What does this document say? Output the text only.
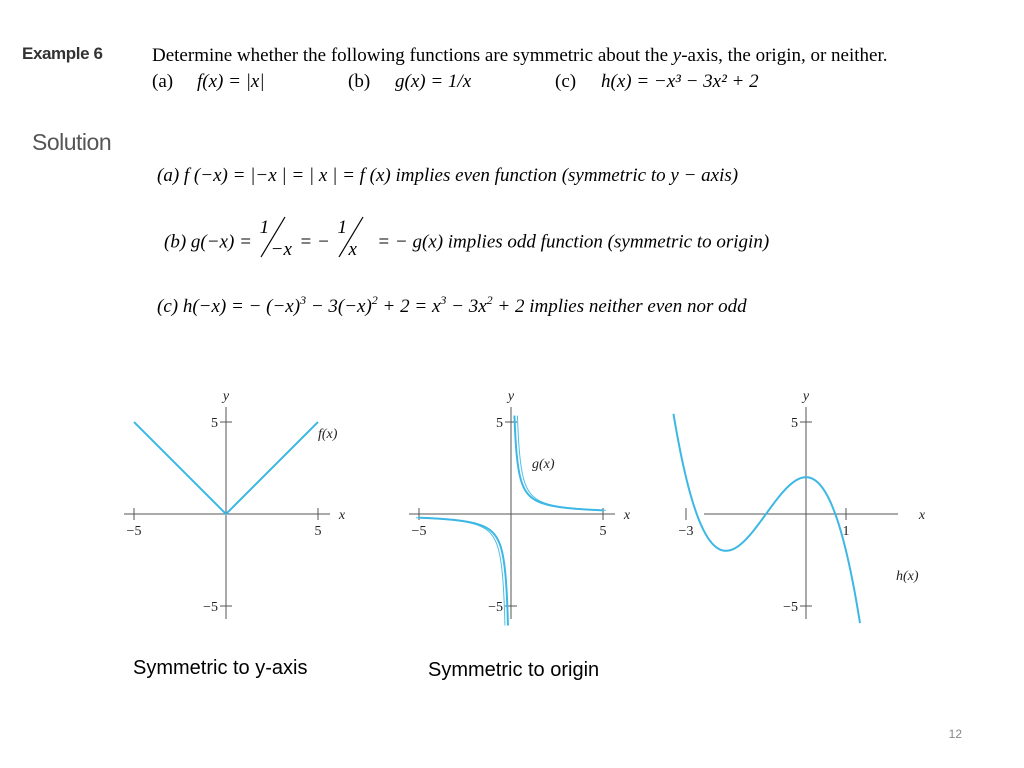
Example 6	Determine whether the following functions are symmetric about the y-axis, the origin, or neither.
(a) f(x) = |x|	(b) g(x) = 1/x	(c) h(x) = −x³ − 3x² + 2
Solution
(a) f (−x) = |−x | = | x | = f (x) implies even function (symmetric to y − axis)
(b) g(−x) =
1
−x = −
1
x = − g(x) implies odd function (symmetric to origin)
(c) h(−x) = − $(-x)^3 - 3(-x)^2 + 2 = x^3 - 3x^2 + 2$ implies neither even nor odd
−5	5
5
−5
y
x
f(x)
−5	5
5
−5
y
x
g(x)
−3	1
5
−5
y
x
h(x)
Symmetric to y-axis	Symmetric to origin
12
